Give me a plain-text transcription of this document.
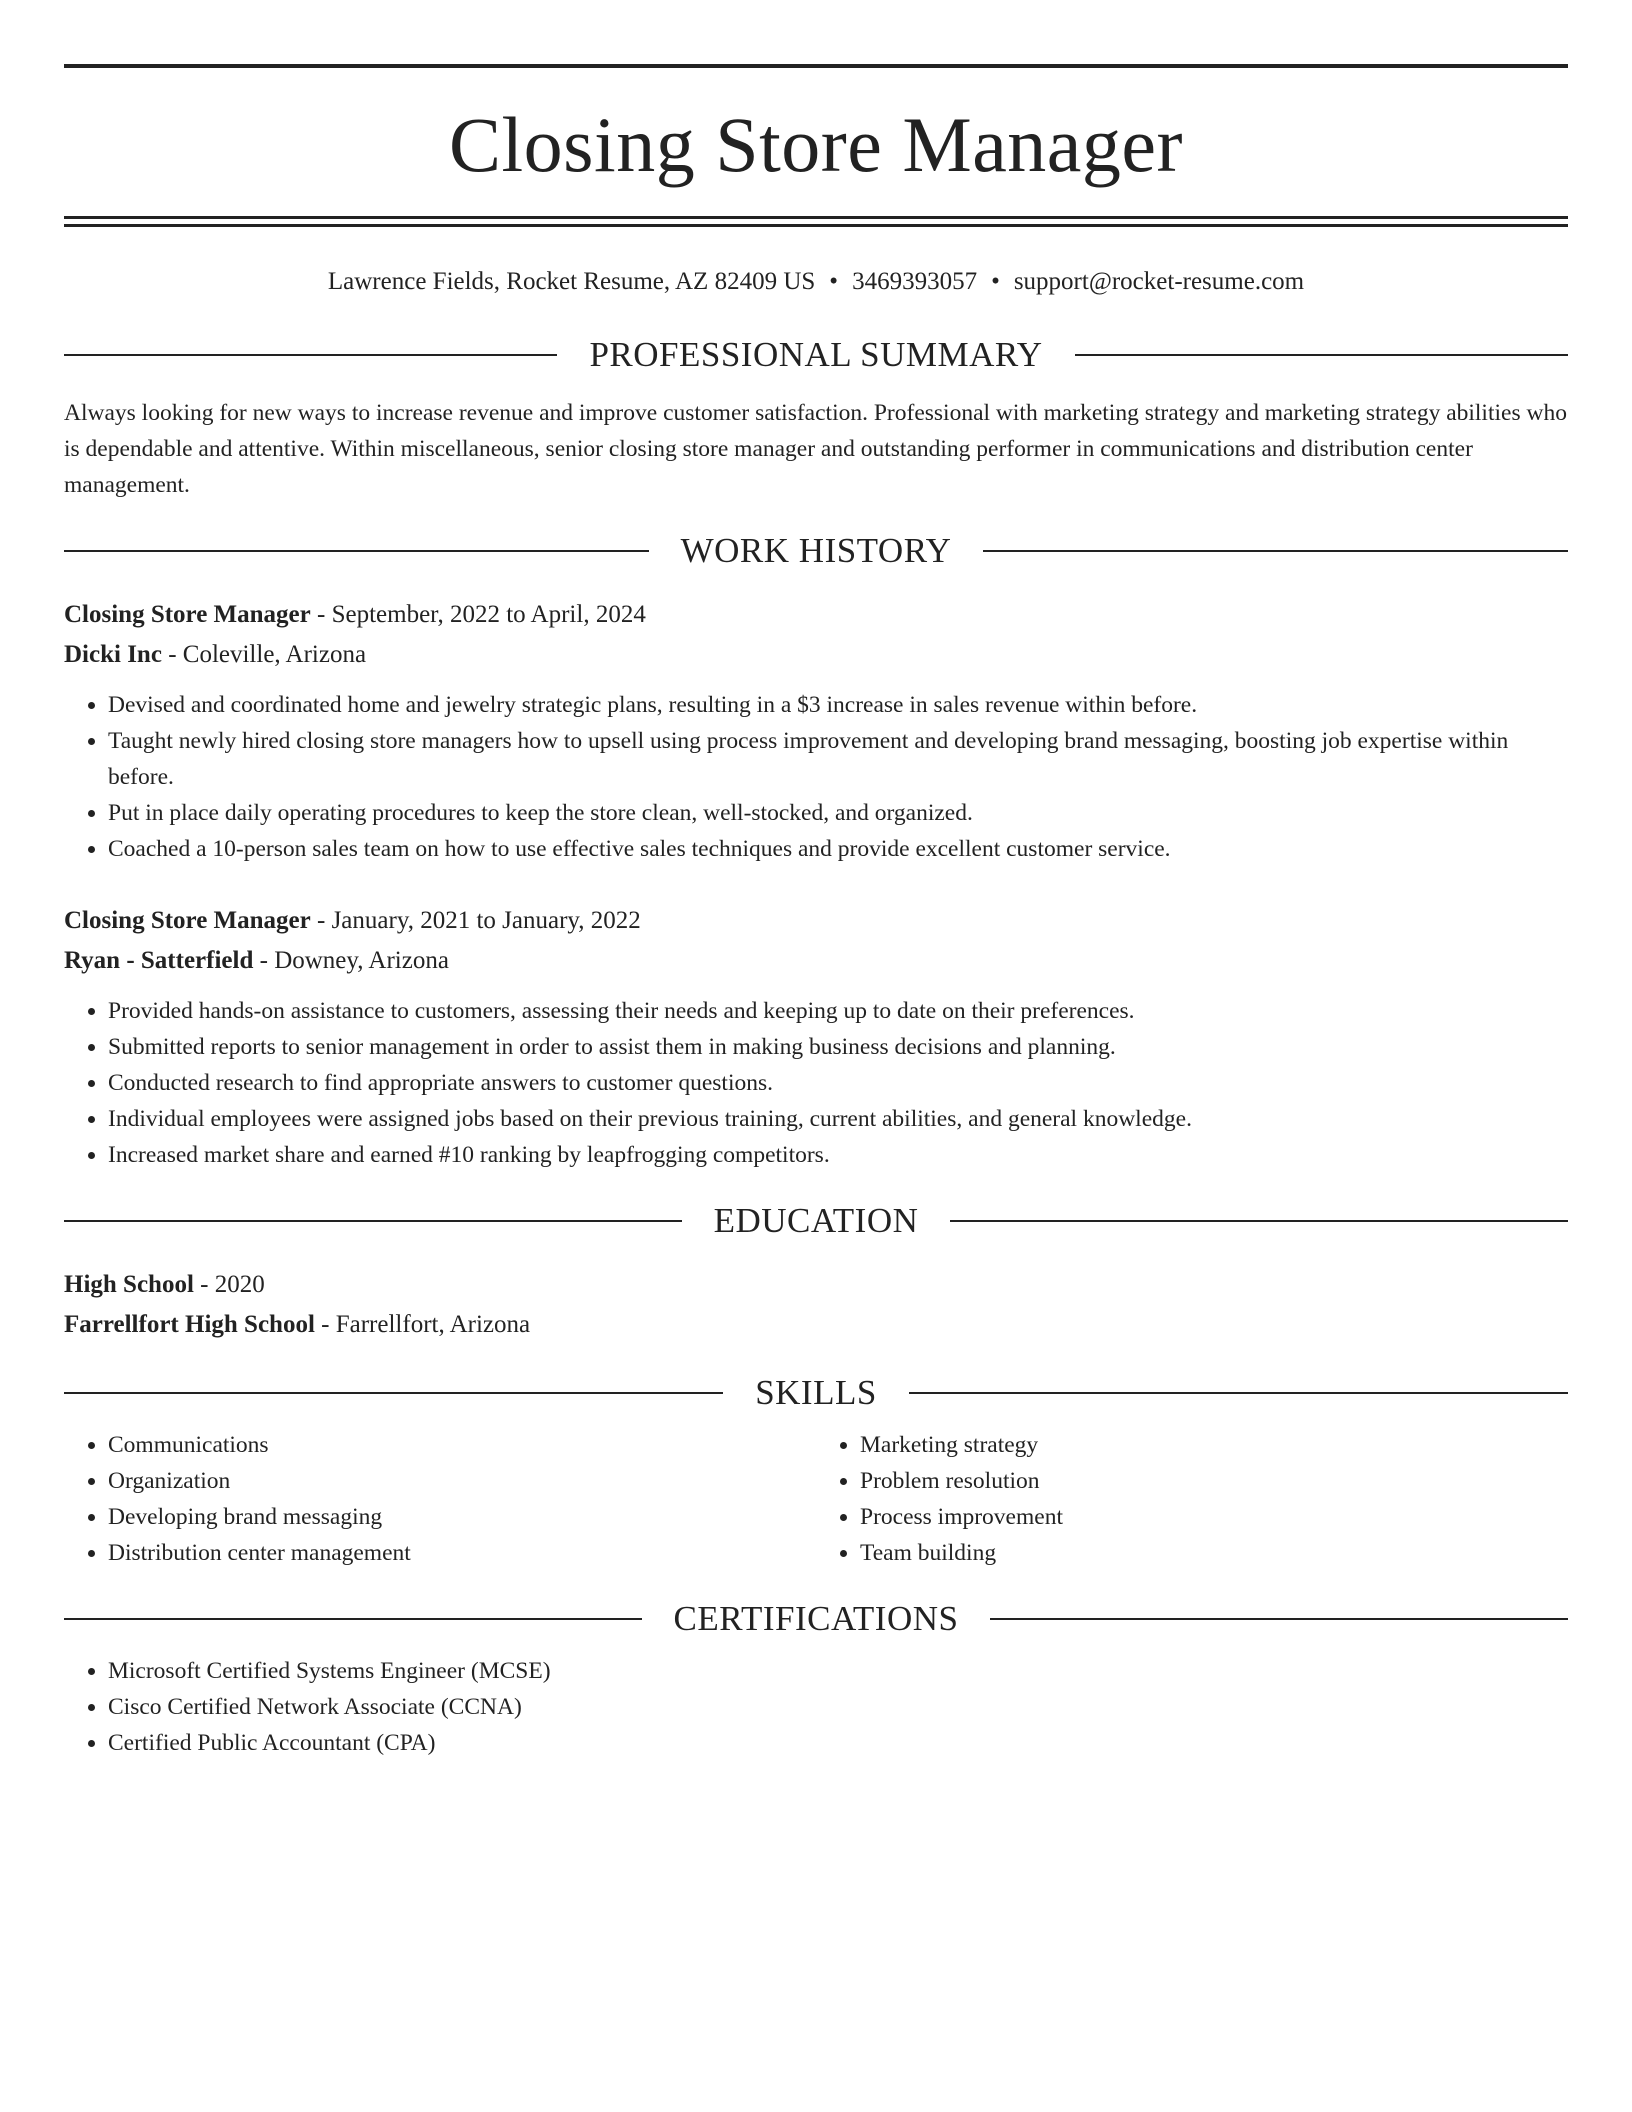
Closing Store Manager
Lawrence Fields, Rocket Resume, AZ 82409 US • 3469393057 • support@rocket-resume.com
PROFESSIONAL SUMMARY
Always looking for new ways to increase revenue and improve customer satisfaction. Professional with marketing strategy and marketing strategy abilities who is dependable and attentive. Within miscellaneous, senior closing store manager and outstanding performer in communications and distribution center management.
WORK HISTORY
Closing Store Manager - September, 2022 to April, 2024
Dicki Inc - Coleville, Arizona
• Devised and coordinated home and jewelry strategic plans, resulting in a $3 increase in sales revenue within before.
• Taught newly hired closing store managers how to upsell using process improvement and developing brand messaging, boosting job expertise within before.
• Put in place daily operating procedures to keep the store clean, well-stocked, and organized.
• Coached a 10-person sales team on how to use effective sales techniques and provide excellent customer service.
Closing Store Manager - January, 2021 to January, 2022
Ryan - Satterfield - Downey, Arizona
• Provided hands-on assistance to customers, assessing their needs and keeping up to date on their preferences.
• Submitted reports to senior management in order to assist them in making business decisions and planning.
• Conducted research to find appropriate answers to customer questions.
• Individual employees were assigned jobs based on their previous training, current abilities, and general knowledge.
• Increased market share and earned #10 ranking by leapfrogging competitors.
EDUCATION
High School - 2020
Farrellfort High School - Farrellfort, Arizona
SKILLS
• Communications
• Organization
• Developing brand messaging
• Distribution center management
• Marketing strategy
• Problem resolution
• Process improvement
• Team building
CERTIFICATIONS
• Microsoft Certified Systems Engineer (MCSE)
• Cisco Certified Network Associate (CCNA)
• Certified Public Accountant (CPA)
